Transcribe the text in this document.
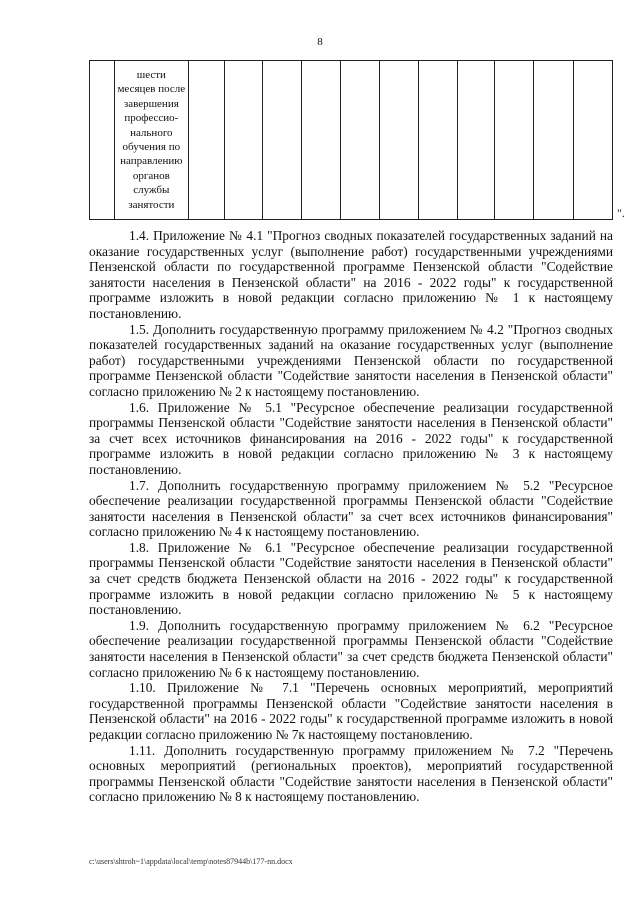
8

шести
месяцев после
завершения
профессио-
нального
обучения по
направлению
органов
службы
занятости

".

1.4. Приложение № 4.1 "Прогноз сводных показателей государственных заданий на оказание государственных услуг (выполнение работ) государственными учреждениями Пензенской области по государственной программе Пензенской области "Содействие занятости населения в Пензенской области" на 2016 - 2022 годы" к государственной программе изложить в новой редакции согласно приложению № 1 к настоящему постановлению.

1.5. Дополнить государственную программу приложением № 4.2 "Прогноз сводных показателей государственных заданий на оказание государственных услуг (выполнение работ) государственными учреждениями Пензенской области по государственной программе Пензенской области "Содействие занятости населения в Пензенской области" согласно приложению № 2 к настоящему постановлению.

1.6. Приложение № 5.1 "Ресурсное обеспечение реализации государственной программы Пензенской области "Содействие занятости населения в Пензенской области" за счет всех источников финансирования на 2016 - 2022 годы" к государственной программе изложить в новой редакции согласно приложению № 3 к настоящему постановлению.

1.7. Дополнить государственную программу приложением № 5.2 "Ресурсное обеспечение реализации государственной программы Пензенской области "Содействие занятости населения в Пензенской области" за счет всех источников финансирования" согласно приложению № 4 к настоящему постановлению.

1.8. Приложение № 6.1 "Ресурсное обеспечение реализации государственной программы Пензенской области "Содействие занятости населения в Пензенской области" за счет средств бюджета Пензенской области на 2016 - 2022 годы" к государственной программе изложить в новой редакции согласно приложению № 5 к настоящему постановлению.

1.9. Дополнить государственную программу приложением № 6.2 "Ресурсное обеспечение реализации государственной программы Пензенской области "Содействие занятости населения в Пензенской области" за счет средств бюджета Пензенской области" согласно приложению № 6 к настоящему постановлению.

1.10. Приложение № 7.1 "Перечень основных мероприятий, мероприятий государственной программы Пензенской области "Содействие занятости населения в Пензенской области" на 2016 - 2022 годы" к государственной программе изложить в новой редакции согласно приложению № 7к настоящему постановлению.

1.11. Дополнить государственную программу приложением № 7.2 "Перечень основных мероприятий (региональных проектов), мероприятий государственной программы Пензенской области "Содействие занятости населения в Пензенской области" согласно приложению № 8 к настоящему постановлению.

c:\users\shtroh~1\appdata\local\temp\notes87944b\177-nn.docx
